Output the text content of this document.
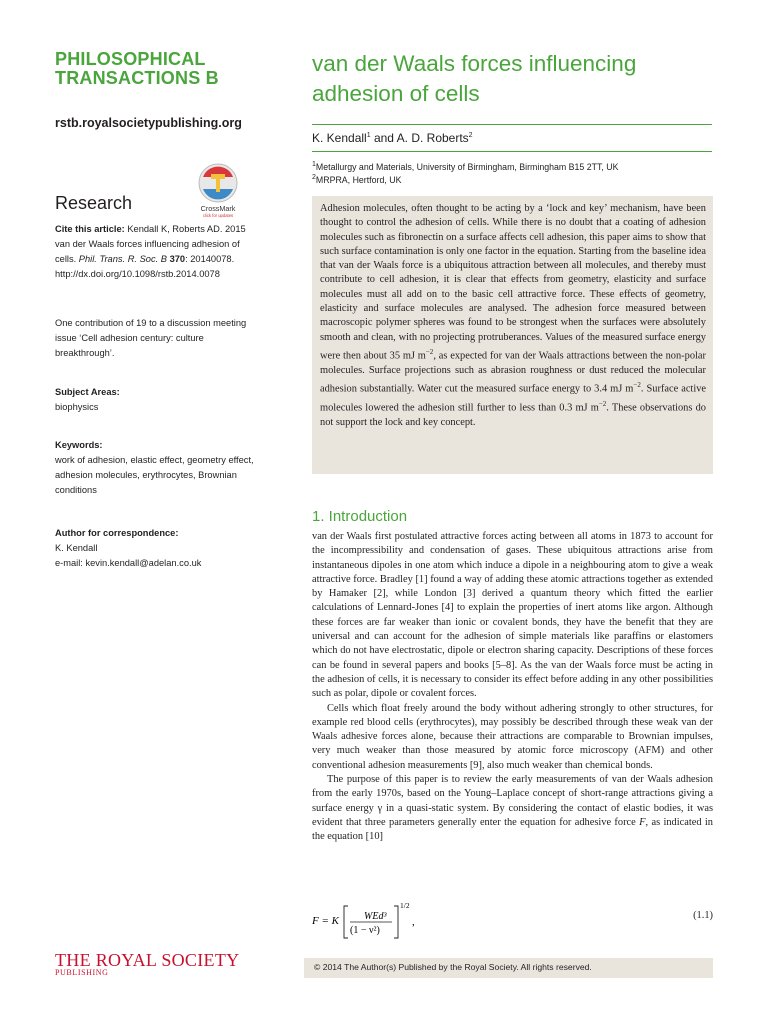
PHILOSOPHICAL
TRANSACTIONS B
rstb.royalsocietypublishing.org
Research	CrossMark
click for updates
Cite this article: Kendall K, Roberts AD. 2015 van der Waals forces influencing adhesion of cells. Phil. Trans. R. Soc. B 370: 20140078.
http://dx.doi.org/10.1098/rstb.2014.0078
One contribution of 19 to a discussion meeting issue ‘Cell adhesion century: culture breakthrough’.
Subject Areas:
biophysics
Keywords:
work of adhesion, elastic effect, geometry effect, adhesion molecules, erythrocytes, Brownian conditions
Author for correspondence:
K. Kendall
e-mail: kevin.kendall@adelan.co.uk
van der Waals forces influencing adhesion of cells
K. Kendall$^1$ and A. D. Roberts$^2$
$^1$Metallurgy and Materials, University of Birmingham, Birmingham B15 2TT, UK
$^2$MRPRA, Hertford, UK
Adhesion molecules, often thought to be acting by a ‘lock and key’ mechanism, have been thought to control the adhesion of cells. While there is no doubt that a coating of adhesion molecules such as fibronectin on a surface affects cell adhesion, this paper aims to show that such surface contamination is only one factor in the equation. Starting from the baseline idea that van der Waals force is a ubiquitous attraction between all molecules, and thereby must contribute to cell adhesion, it is clear that effects from geometry, elasticity and surface molecules must all add on to the basic cell attractive force. These effects of geometry, elasticity and surface molecules are analysed. The adhesion force measured between macroscopic polymer spheres was found to be strongest when the surfaces were absolutely smooth and clean, with no projecting protruberances. Values of the measured surface energy were then about 35 mJ $m^{-2}$, as expected for van der Waals attractions between the non-polar molecules. Surface projections such as abrasion roughness or dust reduced the molecular adhesion substantially. Water cut the measured surface energy to 3.4 mJ $m^{-2}$. Surface active molecules lowered the adhesion still further to less than 0.3 mJ $m^{-2}$. These observations do not support the lock and key concept.
1. Introduction

van der Waals first postulated attractive forces acting between all atoms in 1873 to account for the incompressibility and condensation of gases. These ubiquitous attractions arise from instantaneous dipoles in one atom which induce a dipole in a neighbouring atom to give a weak attractive force. Bradley [1] found a way of adding these atomic attractions together as extended by Hamaker [2], while London [3] derived a quantum theory which fitted the earlier calculations of Lennard-Jones [4] to explain the properties of inert atoms like argon. Although these forces are far weaker than ionic or covalent bonds, they have the benefit that they are universal and can account for the adhesion of simple materials like paraffins or elastomers which do not have electrostatic, dipole or electron sharing capacity. Descriptions of these forces can be found in several papers and books [5–8]. As the van der Waals force must be acting in the adhesion of cells, it is necessary to consider its effect before adding in any other possibilities such as polar, dipole or covalent forces.

Cells which float freely around the body without adhering strongly to other structures, for example red blood cells (erythrocytes), may possibly be described through these weak van der Waals adhesive forces alone, because their attractions are comparable to Brownian impulses, very much weaker than those measured by atomic force microscopy (AFM) and other conventional adhesion measurements [9], also much weaker than chemical bonds.

The purpose of this paper is to review the early measurements of van der Waals adhesion from the early 1970s, based on the Young–Laplace concept of short-range attractions giving a surface energy γ in a quasi-static system. By considering the contact of elastic bodies, it was evident that three parameters generally enter the equation for adhesive force F, as indicated in the equation [10]

F = K	WEd³
(1 − ν²)
1/2
,
(1.1)
THE ROYAL SOCIETY
PUBLISHING
© 2014 The Author(s) Published by the Royal Society. All rights reserved.
